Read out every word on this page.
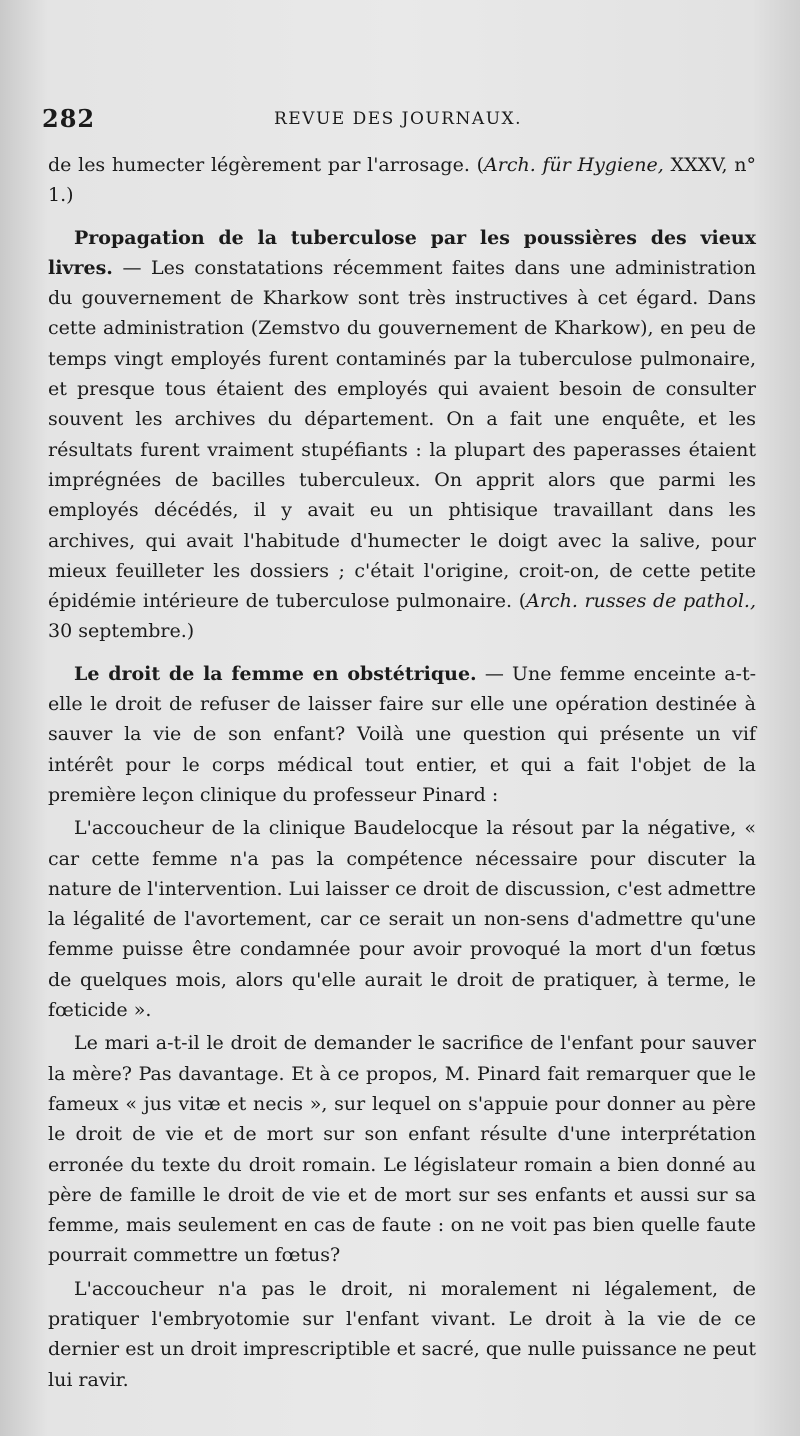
282	REVUE DES JOURNAUX.

de les humecter légèrement par l'arrosage. (Arch. für Hygiene, XXXV, n° 1.)

Propagation de la tuberculose par les poussières des vieux livres. — Les constatations récemment faites dans une administration du gouvernement de Kharkow sont très instructives à cet égard. Dans cette administration (Zemstvo du gouvernement de Kharkow), en peu de temps vingt employés furent contaminés par la tuberculose pulmonaire, et presque tous étaient des employés qui avaient besoin de consulter souvent les archives du département. On a fait une enquête, et les résultats furent vraiment stupéfiants : la plupart des paperasses étaient imprégnées de bacilles tuberculeux. On apprit alors que parmi les employés décédés, il y avait eu un phtisique travaillant dans les archives, qui avait l'habitude d'humecter le doigt avec la salive, pour mieux feuilleter les dossiers ; c'était l'origine, croit-on, de cette petite épidémie intérieure de tuberculose pulmonaire. (Arch. russes de pathol., 30 septembre.)

Le droit de la femme en obstétrique. — Une femme enceinte a-t-elle le droit de refuser de laisser faire sur elle une opération destinée à sauver la vie de son enfant? Voilà une question qui présente un vif intérêt pour le corps médical tout entier, et qui a fait l'objet de la première leçon clinique du professeur Pinard :

L'accoucheur de la clinique Baudelocque la résout par la négative, « car cette femme n'a pas la compétence nécessaire pour discuter la nature de l'intervention. Lui laisser ce droit de discussion, c'est admettre la légalité de l'avortement, car ce serait un non-sens d'admettre qu'une femme puisse être condamnée pour avoir provoqué la mort d'un fœtus de quelques mois, alors qu'elle aurait le droit de pratiquer, à terme, le fœticide ».

Le mari a-t-il le droit de demander le sacrifice de l'enfant pour sauver la mère? Pas davantage. Et à ce propos, M. Pinard fait remarquer que le fameux « jus vitæ et necis », sur lequel on s'appuie pour donner au père le droit de vie et de mort sur son enfant résulte d'une interprétation erronée du texte du droit romain. Le législateur romain a bien donné au père de famille le droit de vie et de mort sur ses enfants et aussi sur sa femme, mais seulement en cas de faute : on ne voit pas bien quelle faute pourrait commettre un fœtus?

L'accoucheur n'a pas le droit, ni moralement ni légalement, de pratiquer l'embryotomie sur l'enfant vivant. Le droit à la vie de ce dernier est un droit imprescriptible et sacré, que nulle puissance ne peut lui ravir.
